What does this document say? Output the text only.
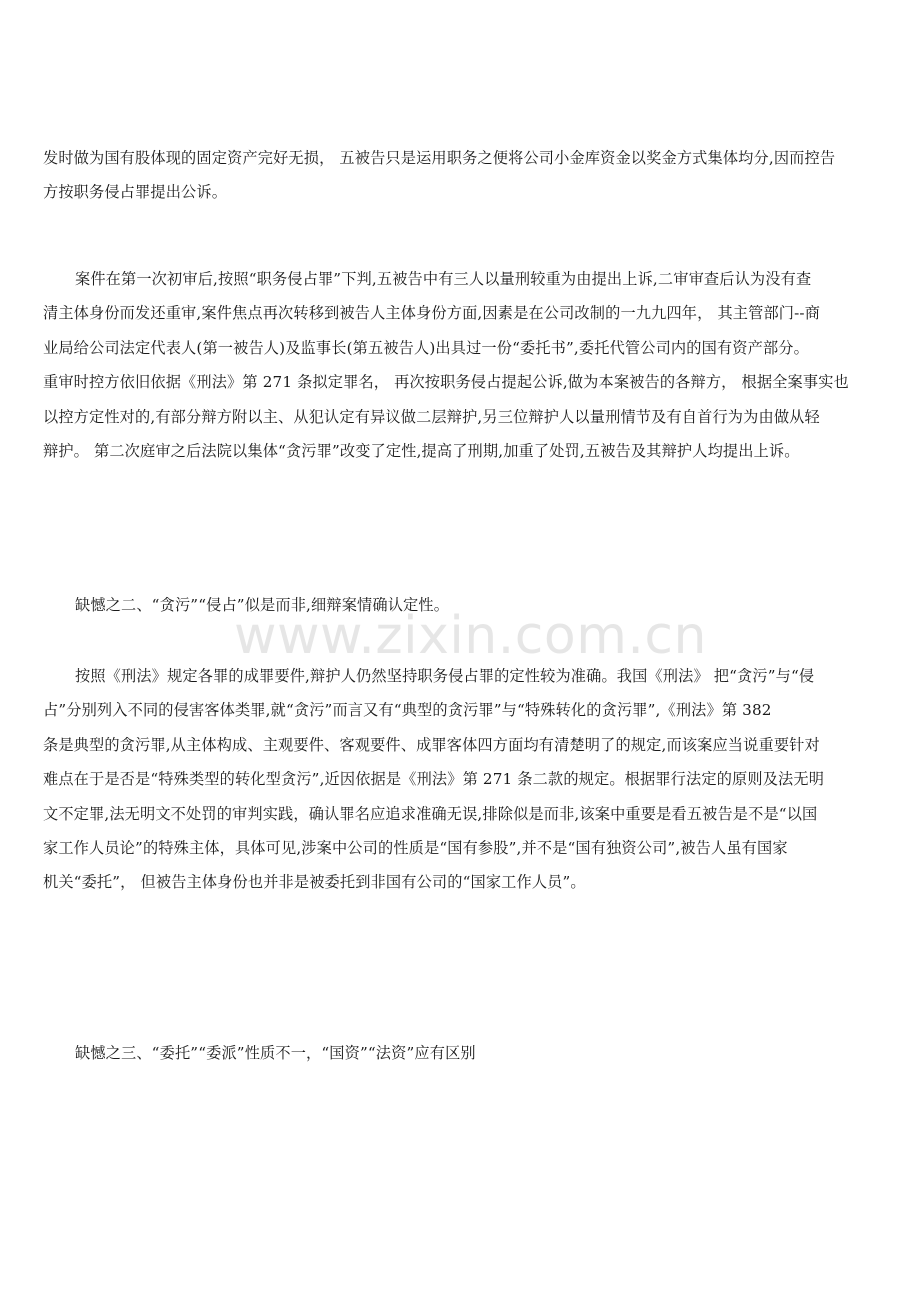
发时做为国有股体现的固定资产完好无损， 五被告只是运用职务之便将公司小金库资金以奖金方式集体均分,因而控告
方按职务侵占罪提出公诉。
案件在第一次初审后,按照“职务侵占罪”下判,五被告中有三人以量刑较重为由提出上诉,二审审查后认为没有查
清主体身份而发还重审,案件焦点再次转移到被告人主体身份方面,因素是在公司改制的一九九四年， 其主管部门--商
业局给公司法定代表人(第一被告人)及监事长(第五被告人)出具过一份“委托书”,委托代管公司内的国有资产部分。
重审时控方依旧依据《刑法》第 271 条拟定罪名， 再次按职务侵占提起公诉,做为本案被告的各辩方， 根据全案事实也
以控方定性对的,有部分辩方附以主、从犯认定有异议做二层辩护,另三位辩护人以量刑情节及有自首行为为由做从轻
辩护。 第二次庭审之后法院以集体“贪污罪”改变了定性,提高了刑期,加重了处罚,五被告及其辩护人均提出上诉。
缺憾之二、“贪污”“侵占”似是而非,细辩案情确认定性。
www.zixin.com.cn
按照《刑法》规定各罪的成罪要件,辩护人仍然坚持职务侵占罪的定性较为准确。我国《刑法》 把“贪污”与“侵
占”分别列入不同的侵害客体类罪,就“贪污”而言又有“典型的贪污罪”与“特殊转化的贪污罪”,《刑法》第 382
条是典型的贪污罪,从主体构成、主观要件、客观要件、成罪客体四方面均有清楚明了的规定,而该案应当说重要针对
难点在于是否是“特殊类型的转化型贪污”,近因依据是《刑法》第 271 条二款的规定。根据罪行法定的原则及法无明
文不定罪,法无明文不处罚的审判实践，确认罪名应追求准确无误,排除似是而非,该案中重要是看五被告是不是“以国
家工作人员论”的特殊主体，具体可见,涉案中公司的性质是“国有参股”,并不是“国有独资公司”,被告人虽有国家
机关“委托”， 但被告主体身份也并非是被委托到非国有公司的“国家工作人员”。
缺憾之三、“委托”“委派”性质不一，“国资”“法资”应有区别
